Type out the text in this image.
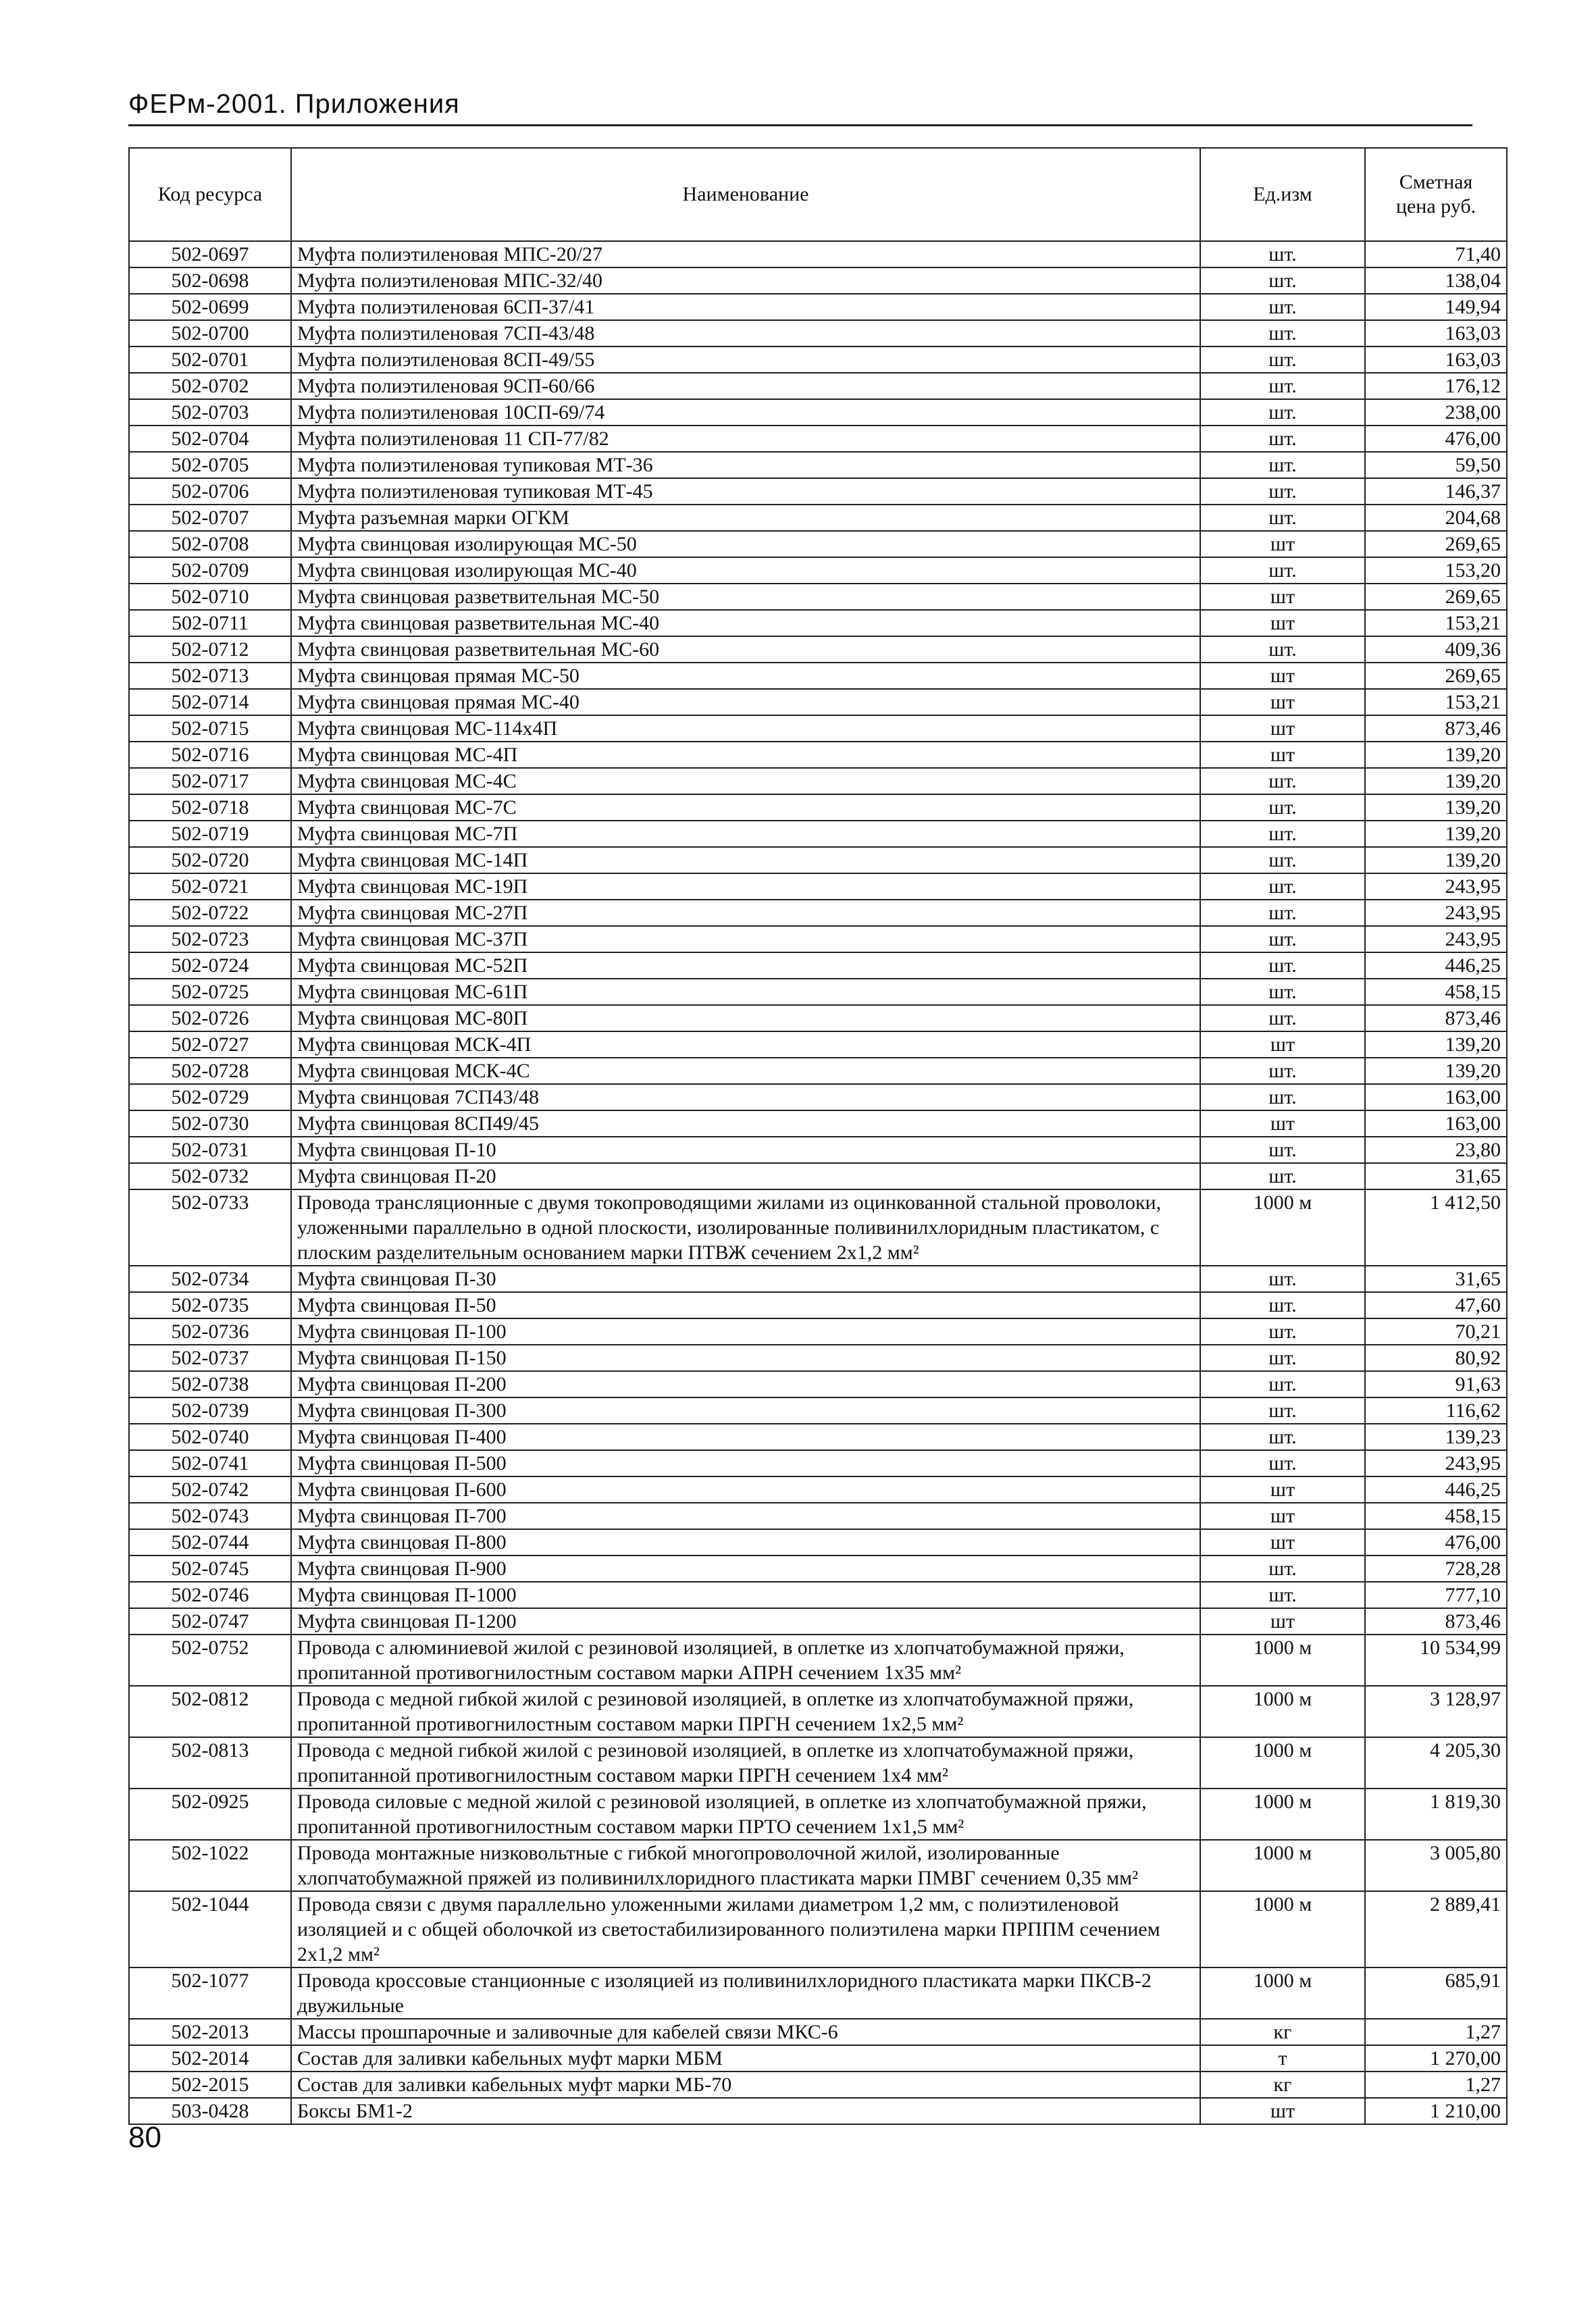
ФЕРм-2001. Приложения
Код ресурса	Наименование	Ед.изм	Сметная цена руб.
502-0697	Муфта полиэтиленовая МПС-20/27	шт.	71,40
502-0698	Муфта полиэтиленовая МПС-32/40	шт.	138,04
502-0699	Муфта полиэтиленовая 6СП-37/41	шт.	149,94
502-0700	Муфта полиэтиленовая 7СП-43/48	шт.	163,03
502-0701	Муфта полиэтиленовая 8СП-49/55	шт.	163,03
502-0702	Муфта полиэтиленовая 9СП-60/66	шт.	176,12
502-0703	Муфта полиэтиленовая 10СП-69/74	шт.	238,00
502-0704	Муфта полиэтиленовая 11 СП-77/82	шт.	476,00
502-0705	Муфта полиэтиленовая тупиковая МТ-36	шт.	59,50
502-0706	Муфта полиэтиленовая тупиковая МТ-45	шт.	146,37
502-0707	Муфта разъемная марки ОГКМ	шт.	204,68
502-0708	Муфта свинцовая изолирующая МС-50	шт	269,65
502-0709	Муфта свинцовая изолирующая МС-40	шт.	153,20
502-0710	Муфта свинцовая разветвительная МС-50	шт	269,65
502-0711	Муфта свинцовая разветвительная МС-40	шт	153,21
502-0712	Муфта свинцовая разветвительная МС-60	шт.	409,36
502-0713	Муфта свинцовая прямая МС-50	шт	269,65
502-0714	Муфта свинцовая прямая МС-40	шт	153,21
502-0715	Муфта свинцовая МС-114х4П	шт	873,46
502-0716	Муфта свинцовая МС-4П	шт	139,20
502-0717	Муфта свинцовая МС-4С	шт.	139,20
502-0718	Муфта свинцовая МС-7С	шт.	139,20
502-0719	Муфта свинцовая МС-7П	шт.	139,20
502-0720	Муфта свинцовая МС-14П	шт.	139,20
502-0721	Муфта свинцовая МС-19П	шт.	243,95
502-0722	Муфта свинцовая МС-27П	шт.	243,95
502-0723	Муфта свинцовая МС-37П	шт.	243,95
502-0724	Муфта свинцовая МС-52П	шт.	446,25
502-0725	Муфта свинцовая МС-61П	шт.	458,15
502-0726	Муфта свинцовая МС-80П	шт.	873,46
502-0727	Муфта свинцовая МСК-4П	шт	139,20
502-0728	Муфта свинцовая МСК-4С	шт.	139,20
502-0729	Муфта свинцовая 7СП43/48	шт.	163,00
502-0730	Муфта свинцовая 8СП49/45	шт	163,00
502-0731	Муфта свинцовая П-10	шт.	23,80
502-0732	Муфта свинцовая П-20	шт.	31,65
502-0733	Провода трансляционные с двумя токопроводящими жилами из оцинкованной стальной проволоки, уложенными параллельно в одной плоскости, изолированные поливинилхлоридным пластикатом, с плоским разделительным основанием марки ПТВЖ сечением 2х1,2 мм²	1000 м	1 412,50
502-0734	Муфта свинцовая П-30	шт.	31,65
502-0735	Муфта свинцовая П-50	шт.	47,60
502-0736	Муфта свинцовая П-100	шт.	70,21
502-0737	Муфта свинцовая П-150	шт.	80,92
502-0738	Муфта свинцовая П-200	шт.	91,63
502-0739	Муфта свинцовая П-300	шт.	116,62
502-0740	Муфта свинцовая П-400	шт.	139,23
502-0741	Муфта свинцовая П-500	шт.	243,95
502-0742	Муфта свинцовая П-600	шт	446,25
502-0743	Муфта свинцовая П-700	шт	458,15
502-0744	Муфта свинцовая П-800	шт	476,00
502-0745	Муфта свинцовая П-900	шт.	728,28
502-0746	Муфта свинцовая П-1000	шт.	777,10
502-0747	Муфта свинцовая П-1200	шт	873,46
502-0752	Провода с алюминиевой жилой с резиновой изоляцией, в оплетке из хлопчатобумажной пряжи, пропитанной противогнилостным составом марки АПРН сечением 1х35 мм²	1000 м	10 534,99
502-0812	Провода с медной гибкой жилой с резиновой изоляцией, в оплетке из хлопчатобумажной пряжи, пропитанной противогнилостным составом марки ПРГН сечением 1х2,5 мм²	1000 м	3 128,97
502-0813	Провода с медной гибкой жилой с резиновой изоляцией, в оплетке из хлопчатобумажной пряжи, пропитанной противогнилостным составом марки ПРГН сечением 1х4 мм²	1000 м	4 205,30
502-0925	Провода силовые с медной жилой с резиновой изоляцией, в оплетке из хлопчатобумажной пряжи, пропитанной противогнилостным составом марки ПРТО сечением 1х1,5 мм²	1000 м	1 819,30
502-1022	Провода монтажные низковольтные с гибкой многопроволочной жилой, изолированные хлопчатобумажной пряжей из поливинилхлоридного пластиката марки ПМВГ сечением 0,35 мм²	1000 м	3 005,80
502-1044	Провода связи с двумя параллельно уложенными жилами диаметром 1,2 мм, с полиэтиленовой изоляцией и с общей оболочкой из светостабилизированного полиэтилена марки ПРППМ сечением 2х1,2 мм²	1000 м	2 889,41
502-1077	Провода кроссовые станционные с изоляцией из поливинилхлоридного пластиката марки ПКСВ-2 двужильные	1000 м	685,91
502-2013	Массы прошпарочные и заливочные для кабелей связи МКС-6	кг	1,27
502-2014	Состав для заливки кабельных муфт марки МБМ	т	1 270,00
502-2015	Состав для заливки кабельных муфт марки МБ-70	кг	1,27
503-0428	Боксы БМ1-2	шт	1 210,00
80
